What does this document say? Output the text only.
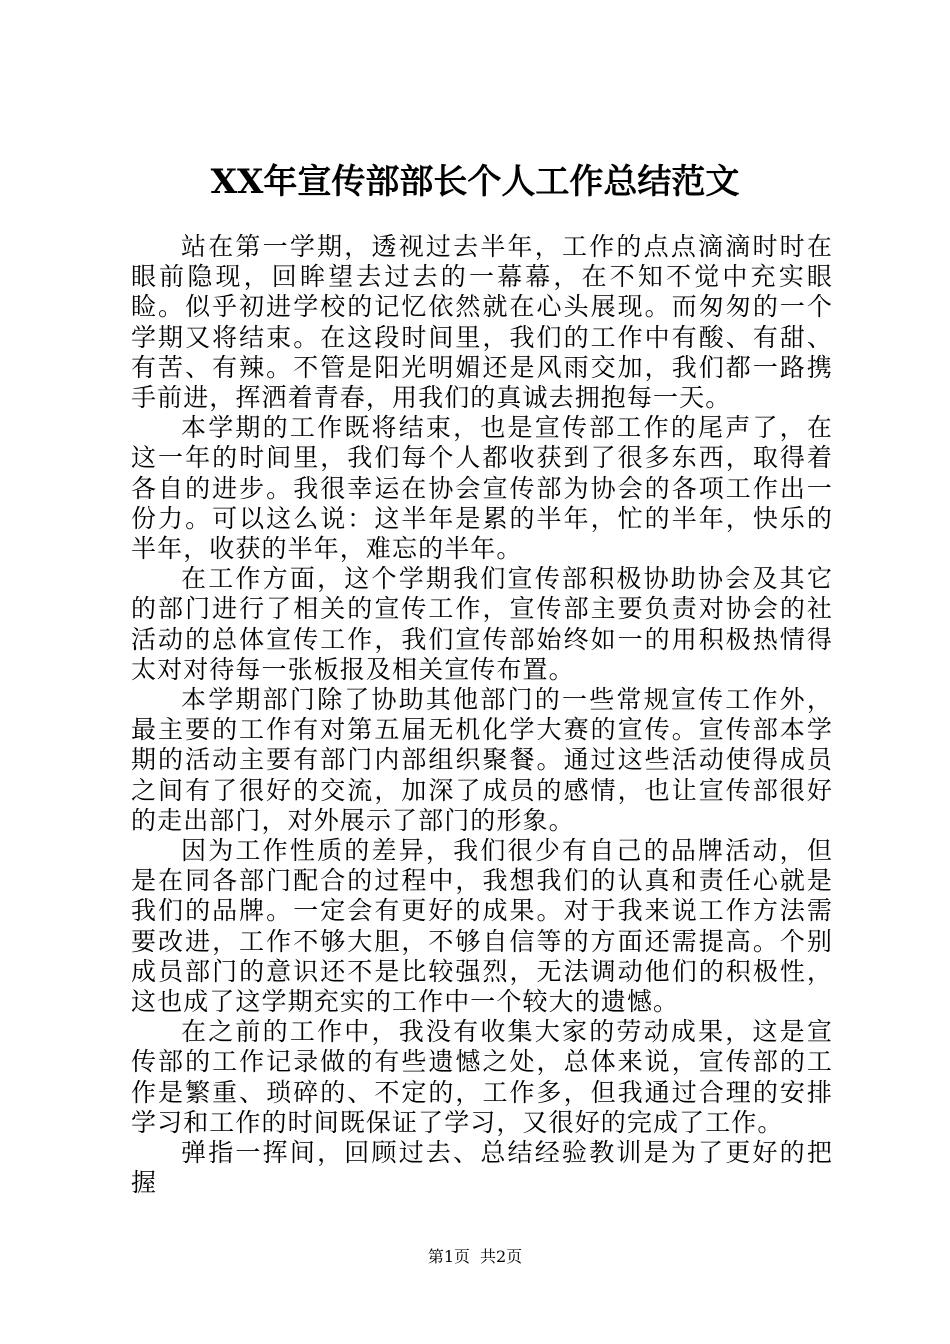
XX年宣传部部长个人工作总结范文

站在第一学期，透视过去半年，工作的点点滴滴时时在眼前隐现，回眸望去过去的一幕幕，在不知不觉中充实眼睑。似乎初进学校的记忆依然就在心头展现。而匆匆的一个学期又将结束。在这段时间里，我们的工作中有酸、有甜、有苦、有辣。不管是阳光明媚还是风雨交加，我们都一路携手前进，挥洒着青春，用我们的真诚去拥抱每一天。

本学期的工作既将结束，也是宣传部工作的尾声了，在这一年的时间里，我们每个人都收获到了很多东西，取得着各自的进步。我很幸运在协会宣传部为协会的各项工作出一份力。可以这么说：这半年是累的半年，忙的半年，快乐的半年，收获的半年，难忘的半年。

在工作方面，这个学期我们宣传部积极协助协会及其它的部门进行了相关的宣传工作，宣传部主要负责对协会的社活动的总体宣传工作，我们宣传部始终如一的用积极热情得太对对待每一张板报及相关宣传布置。

本学期部门除了协助其他部门的一些常规宣传工作外，最主要的工作有对第五届无机化学大赛的宣传。宣传部本学期的活动主要有部门内部组织聚餐。通过这些活动使得成员之间有了很好的交流，加深了成员的感情，也让宣传部很好的走出部门，对外展示了部门的形象。

因为工作性质的差异，我们很少有自己的品牌活动，但是在同各部门配合的过程中，我想我们的认真和责任心就是我们的品牌。一定会有更好的成果。对于我来说工作方法需要改进，工作不够大胆，不够自信等的方面还需提高。个别成员部门的意识还不是比较强烈，无法调动他们的积极性，这也成了这学期充实的工作中一个较大的遗憾。

在之前的工作中，我没有收集大家的劳动成果，这是宣传部的工作记录做的有些遗憾之处，总体来说，宣传部的工作是繁重、琐碎的、不定的，工作多，但我通过合理的安排学习和工作的时间既保证了学习，又很好的完成了工作。

弹指一挥间，回顾过去、总结经验教训是为了更好的把握

第1页 共2页
